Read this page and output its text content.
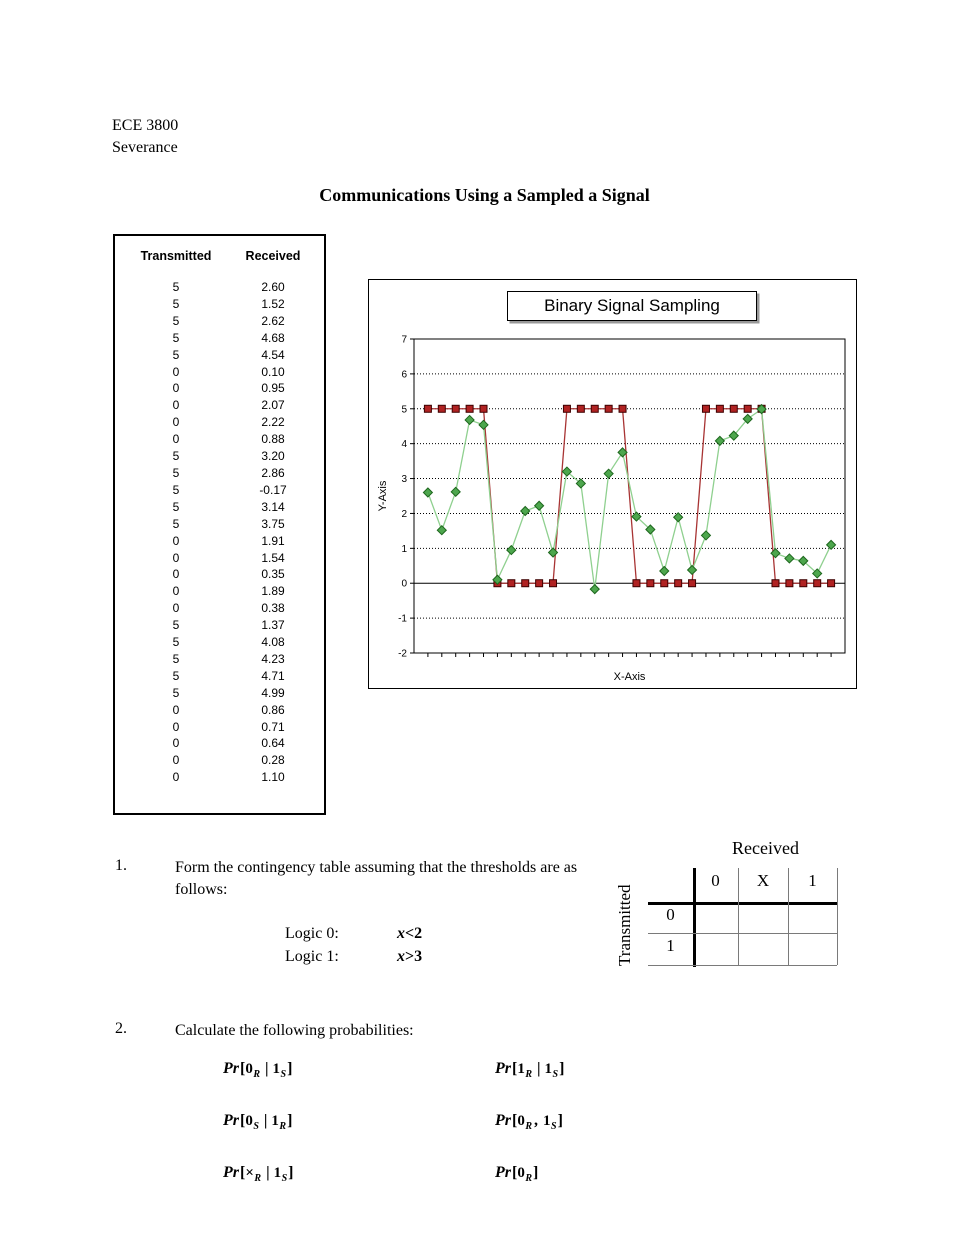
ECE 3800
Severance
Communications Using a Sampled a Signal
Transmitted	Received
5	2.60
5	1.52
5	2.62
5	4.68
5	4.54
0	0.10
0	0.95
0	2.07
0	2.22
0	0.88
5	3.20
5	2.86
5	-0.17
5	3.14
5	3.75
0	1.91
0	1.54
0	0.35
0	1.89
0	0.38
5	1.37
5	4.08
5	4.23
5	4.71
5	4.99
0	0.86
0	0.71
0	0.64
0	0.28
0	1.10
Binary Signal Sampling
7
6
5
4
3
2
1
0
-1
-2
X-Axis
Y-Axis
1.	Form the contingency table assuming that the thresholds are as follows:
Logic 0:	x<2
Logic 1:	x>3
Received
Transmitted
0	X	1
0
1
2.	Calculate the following probabilities:
$Pr[0_R$ | $1_S$]	$Pr[1_R$ | $1_S$]
$Pr[0_S$ | $1_R$]	$Pr[0_R$ , $1_S$]
$Pr[\times_R$ | $1_S$]	$Pr[0_R]$
